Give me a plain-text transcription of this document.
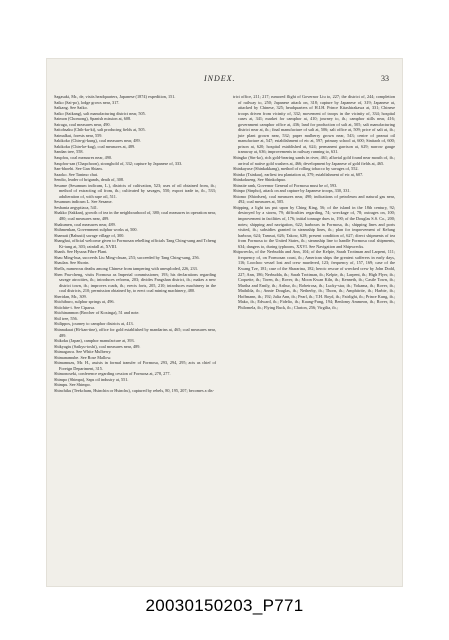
INDEX.	33

Sagasaki, Mr., de, visits headquarters, Japanese (1874) expedition, 151.

Saiko (Sai-po), lodge grows near, 317.

Saikang. See Saiko.

Saiko (Saikang), salt manufacturing district near, 505.

Saimon (Chomong), Spanish mission at, 608.

Sairaga, coal measures near, 490.

Saitohsaku (Chih-ku-ki), salt producing fields at, 505.

Saimalkui, forests near, 559.

Sakikoko (Chin-gi-kung), coal measures near, 489.

Sakikoku (Chin-ke-kug), coal measures at, 489.

Sandan tree, 558.

Saupfou, coal measures near, 490.

Saupfou-san (Chapchoon), stronghold of, 332; capture by Japanese of, 333.

San-bhoehi. See Gan Shiam.

Saaoko. See Tanimo chui.

Sendio, leader of brigands, death of, 308.

Sesame (Sesamum indicum, L.), districts of cultivation, 523; uses of oil obtained from, ib.; method of extracting oil from, ib.; cultivated by savages, 550; export trade in, ib., 533; adulteration of, with rape oil, 511.

Sesamum indicum L. See Sesame.

Sesbania aegyptiaca, 541.

Shakko (Sakkan), growth of tea in the neighbourhood of, 380; coal measures in operation near, 480; coal measures near, 489.

Shakumen, coal measures near, 489.

Shihmenkan, Government sulphur works at, 500.

Shamuti (Bahsuti) savage village of, 300.

Shanghai, official welcome given to Formosan rebelling officials Tang Ching-sung and Tcheng Ki-tung at, 303; rainfall at, XVIII.

Shanh. See Hyssna Fibre Plant.

Shau Ming-hua, succeeds Liu Ming-chuan, 253; succeeded by Tang Ching-sung, 256.

Shaulan. See Shorin.

Shells, numerous deaths among Chinese from tampering with unexploded, 226, 233.

Shen Pau-cheng, visits Formosa as Imperial commissioner, 193; his declarations regarding savage atrocities, ib.; introduces reforms, 203; divides Fangshan district, ib.; makes a new district town, ib.; improves roads, ib.; erects forts, 205, 210; introduces machinery in the coal districts, 210; permission obtained by, to erect coal mining machinery, 480.

Sheridan, Mr., 309.

Shichiburo, sulphur springs at, 496.

Shiichite-i. See Ciparsa.

Shichinanmon (Brocher of Koxinga), 51 and note.

Shil tree, 556.

Shilippos, journey to camphor districts at, 413.

Shinnakuat (Hi-kan-tine), office for gold established by mandarins at, 465; coal measures near, 489.

Shikoku (Japan), camphor manufacture at, 393.

Shikyagiu (Saikyu-toshi), coal measures near, 489.

Shimagawa. See White Mulberry.

Shimanamube. See Rose Mallow.

Shimamuzu, Mr. H., assists in formal transfer of Formosa, 293, 294, 295; acts as chief of Foreign Department, 315.

Shimonoseki, conference regarding cession of Formosa at, 278, 277.

Shimpo (Shimpa), Saps oil industry at, 551.

Shimpu. See Shimpo.

Shinchiku (Teekcham, Hsinchin or Hsinchu), captured by rebels, 80, 195, 207; becomes a dis-

trict office, 211; 217; rumored flight of Governor Liu to, 227; the district of, 244; completion of railway to, 250; Japanese attack on, 318; capture by Japanese of, 319; Japanese at, attacked by Chinese, 325; headquarters of H.I.H. Prince Kitashirakawa at, 331; Chinese troops driven from vicinity of, 332; movement of troops in the vicinity of, 334; hospital cases at, 341; market for camphor at, 410; journey to, ib.; camphor stills near, 416; government camphor office at, 436; land for production of salt at, 505; salt manufacturing district near at, ib.; final manufacture of salt at, 506; salt office at, 509; price of salt at, ib.; jute plant grown near, 532; paper mulberry grown near, 543; centre of peanut oil manufacture at, 547; establishment of etc at, 597; primary school at, 600; Sinitaoh of, 600; prison at, 620; hospital established at, 624; permanent garrison at, 629; narrow gauge tramway at, 636; improvements in railway running to, 631.

Shingko (Sin-ko), rich gold-bearing sands in river, 461; alluvial gold found near mouth of, ib.; arrival of native gold washers at, 466; development by Japanese of gold fields at, 465.

Shinkayuse (Shinkakkang), method of rolling tobacco by savages of, 552.

Shinko (Tsinkau), earliest tea plantation at, 379; establishment of etc at, 607.

Shinkokueng. See Shinkohpuo.

Shinsite rank, Governor General of Formosa must be of, 593.

Shinpo (Sinpho), attack on and capture by Japanese troops, 330, 331.

Shiomo (Shiodsen), coal measures near, 490; indications of petroleum and natural gas near, 492; coal measures at, 505.

Shipping, a light tax put upon by Ching King, 56; of the island in the 18th century, 92; destroyed by a storm, 79; difficulties regarding, 74; wreckage of, 78; outrages on, 100; improvement in facilities of, 176; initial tonnage dues to, 190; of the Douglas S.S. Co., 200; notes; shipping and navigation, 622; harbours in Formosa, ib.; shipping lines and ports visited, ib.; subsidies granted to steamship lines, ib.; plan for improvement of Kelung harbour, 624; Tamsui, 626; Takow, 628; present condition of, 627; direct shipments of tea from Formosa to the United States, ib.; steamship line to handle Formosa coal shipments, 634; dangers to, during typhoons, XXVI. See Navigation and Shipwrecks.

Shipwrecks, of the Nerbudda and Ann, 104; of the Kelpie, Sarah Trottman and Larpent, 111; frequency of, on Formosan coast, ib.; American ships the greatest sufferers in early days, 116; Loochoo vessel lost and crew murdered, 123; frequency of, 157, 169; case of the Kwang Tze, 181; case of the Shararina, 182; heroic rescue of wrecked crew by John Dodd, 227; Ann, 186; Nerbudda, ib.; Sarah Trottman, ib.; Kelpie, ib.; Larpent, ib.; High Flyer, ib.; Coquette, ib.; Toren, ib.; Rover, ib.; Moon Kwan Kiln, ib.; Kenneth, ib.; Castle Town, ib.; Martha and Emily, ib.; Arthur, ib.; Robetrosa, ib.; Lucky-star, ib.; Yokama, ib.; Rover, ib.; Mathilda, ib.; Annie Douglas, ib.; Netherby, ib.; Thorn, ib.; Amphitrite, ib.; Harbie, ib.; Hoffmann, ib.; 192; Julia Ann, ib.; Pearl, ib.; T.H. Boyd, ib.; Fairlight, ib.; Prince Kung, ib.; Mako, ib.; Edward, ib.; Fidelio, ib.; Kuang-Fung, 194; Benlomy Ammeon, ib.; Rover, ib.; Philomela, ib.; Flying Buck, ib.; Clarion, 256; Virgilia, ib.;

20030150203_P771
